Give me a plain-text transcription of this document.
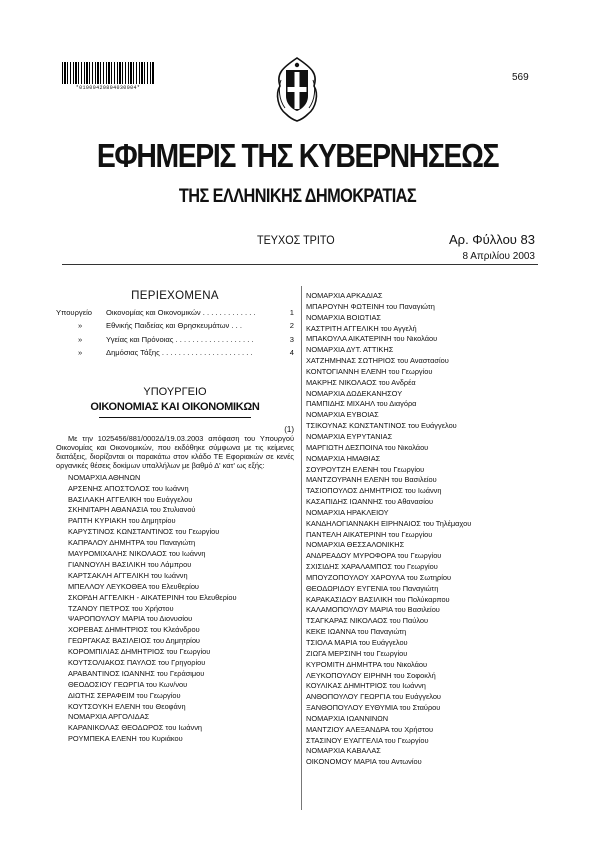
*01000420804030004*
569
ΕΦΗΜΕΡΙΣ ΤΗΣ ΚΥΒΕΡΝΗΣΕΩΣ
ΤΗΣ ΕΛΛΗΝΙΚΗΣ ΔΗΜΟΚΡΑΤΙΑΣ
ΤΕΥΧΟΣ ΤΡΙΤΟ	Αρ. Φύλλου 83
8 Απριλίου 2003
ΠΕΡΙΕΧΟΜΕΝΑ
Υπουργείο	Οικονομίας και Οικονομικών . . . . . . . . . . . . .	1
»	Εθνικής Παιδείας και Θρησκευμάτων . . .	2
»	Υγείας και Πρόνοιας . . . . . . . . . . . . . . . . . . .	3
»	Δημόσιας Τάξης . . . . . . . . . . . . . . . . . . . . . .	4
ΥΠΟΥΡΓΕΙΟ
ΟΙΚΟΝΟΜΙΑΣ ΚΑΙ ΟΙΚΟΝΟΜΙΚΩΝ
(1)

Με την 1025456/881/0002Δ/19.03.2003 απόφαση του Υπουργού Οικονομίας και Οικονομικών, που εκδόθηκε σύμφωνα με τις κείμενες διατάξεις, διορίζονται οι παρακάτω στον κλάδο ΤΕ Εφοριακών σε κενές οργανικές θέσεις δοκίμων υπαλλήλων με βαθμό Δ' κατ' ως εξής:

ΝΟΜΑΡΧΙΑ ΑΘΗΝΩΝ
ΑΡΣΕΝΗΣ ΑΠΟΣΤΟΛΟΣ του Ιωάννη
ΒΑΣΙΛΑΚΗ ΑΓΓΕΛΙΚΗ του Ευάγγελου
ΣΚΗΝΙΤΑΡΗ ΑΘΑΝΑΣΙΑ του Στυλιανού
ΡΑΠΤΗ ΚΥΡΙΑΚΗ του Δημητρίου
ΚΑΡΥΣΤΙΝΟΣ ΚΩΝΣΤΑΝΤΙΝΟΣ του Γεωργίου
ΚΑΠΡΑΛΟΥ ΔΗΜΗΤΡΑ του Παναγιώτη
ΜΑΥΡΟΜΙΧΑΛΗΣ ΝΙΚΟΛΑΟΣ του Ιωάννη
ΓΙΑΝΝΟΥΛΗ ΒΑΣΙΛΙΚΗ του Λάμπρου
ΚΑΡΤΣΑΚΛΗ ΑΓΓΕΛΙΚΗ του Ιωάννη
ΜΠΕΛΛΟΥ ΛΕΥΚΟΘΕΑ του Ελευθερίου
ΣΚΟΡΔΗ ΑΓΓΕΛΙΚΗ - ΑΙΚΑΤΕΡΙΝΗ του Ελευθερίου
ΤΖΑΝΟΥ ΠΕΤΡΟΣ του Χρήστου
ΨΑΡΟΠΟΥΛΟΥ ΜΑΡΙΑ του Διονυσίου
ΧΟΡΕΒΑΣ ΔΗΜΗΤΡΙΟΣ του Κλεάνδρου
ΓΕΩΡΓΑΚΑΣ ΒΑΣΙΛΕΙΟΣ του Δημητρίου
ΚΟΡΟΜΠΙΛΙΑΣ ΔΗΜΗΤΡΙΟΣ του Γεωργίου
ΚΟΥΤΣΟΛΙΑΚΟΣ ΠΑΥΛΟΣ του Γρηγορίου
ΑΡΑΒΑΝΤΙΝΟΣ ΙΩΑΝΝΗΣ του Γεράσιμου
ΘΕΟΔΟΣΙΟΥ ΓΕΩΡΓΙΑ του Κων/νου
ΔΙΩΤΗΣ ΣΕΡΑΦΕΙΜ του Γεωργίου
ΚΟΥΤΣΟΥΚΗ ΕΛΕΝΗ του Θεοφάνη
ΝΟΜΑΡΧΙΑ ΑΡΓΟΛΙΔΑΣ
ΚΑΡΑΝΙΚΟΛΑΣ ΘΕΟΔΩΡΟΣ του Ιωάννη
ΡΟΥΜΠΕΚΑ ΕΛΕΝΗ του Κυριάκου
ΝΟΜΑΡΧΙΑ ΑΡΚΑΔΙΑΣ
ΜΠΑΡΟΥΝΗ ΦΩΤΕΙΝΗ του Παναγιώτη
ΝΟΜΑΡΧΙΑ ΒΟΙΩΤΙΑΣ
ΚΑΣΤΡΙΤΗ ΑΓΓΕΛΙΚΗ του Αγγελή
ΜΠΑΚΟΥΛΑ ΑΙΚΑΤΕΡΙΝΗ του Νικολάου
ΝΟΜΑΡΧΙΑ ΔΥΤ. ΑΤΤΙΚΗΣ
ΧΑΤΖΗΜΗΝΑΣ ΣΩΤΗΡΙΟΣ του Αναστασίου
ΚΟΝΤΟΓΙΑΝΝΗ ΕΛΕΝΗ του Γεωργίου
ΜΑΚΡΗΣ ΝΙΚΟΛΑΟΣ του Ανδρέα
ΝΟΜΑΡΧΙΑ ΔΩΔΕΚΑΝΗΣΟΥ
ΠΑΜΠΙΔΗΣ ΜΙΧΑΗΛ του Διαγόρα
ΝΟΜΑΡΧΙΑ ΕΥΒΟΙΑΣ
ΤΣΙΚΟΥΝΑΣ ΚΩΝΣΤΑΝΤΙΝΟΣ του Ευάγγελου
ΝΟΜΑΡΧΙΑ ΕΥΡΥΤΑΝΙΑΣ
ΜΑΡΓΙΩΤΗ ΔΕΣΠΟΙΝΑ του Νικολάου
ΝΟΜΑΡΧΙΑ ΗΜΑΘΙΑΣ
ΣΟΥΡΟΥΤΖΗ ΕΛΕΝΗ του Γεωργίου
ΜΑΝΤΖΟΥΡΑΝΗ ΕΛΕΝΗ του Βασιλείου
ΤΑΣΙΟΠΟΥΛΟΣ ΔΗΜΗΤΡΙΟΣ του Ιωάννη
ΚΑΣΑΠΙΔΗΣ ΙΩΑΝΝΗΣ του Αθανασίου
ΝΟΜΑΡΧΙΑ ΗΡΑΚΛΕΙΟΥ
ΚΑΝΔΗΛΟΓΙΑΝΝΑΚΗ ΕΙΡΗΝΑΙΟΣ του Τηλέμαχου
ΠΑΝΤΕΛΗ ΑΙΚΑΤΕΡΙΝΗ του Γεωργίου
ΝΟΜΑΡΧΙΑ ΘΕΣΣΑΛΟΝΙΚΗΣ
ΑΝΔΡΕΑΔΟΥ ΜΥΡΟΦΟΡΑ του Γεωργίου
ΣΧΙΣΙΔΗΣ ΧΑΡΑΛΑΜΠΟΣ του Γεωργίου
ΜΠΟΥΖΟΠΟΥΛΟΥ ΧΑΡΟΥΛΑ του Σωτηρίου
ΘΕΟΔΩΡΙΔΟΥ ΕΥΓΕΝΙΑ του Παναγιώτη
ΚΑΡΑΚΑΣΙΔΟΥ ΒΑΣΙΛΙΚΗ του Πολύκαρπου
ΚΑΛΑΜΟΠΟΥΛΟΥ ΜΑΡΙΑ του Βασιλείου
ΤΣΑΓΚΑΡΑΣ ΝΙΚΟΛΑΟΣ του Παύλου
ΚΕΚΕ ΙΩΑΝΝΑ του Παναγιώτη
ΤΣΙΟΛΑ ΜΑΡΙΑ του Ευάγγελου
ΖΙΩΓΑ ΜΕΡΣΙΝΗ του Γεωργίου
ΚΥΡΟΜΙΤΗ ΔΗΜΗΤΡΑ του Νικολάου
ΛΕΥΚΟΠΟΥΛΟΥ ΕΙΡΗΝΗ του Σοφοκλή
ΚΟΥΛΙΚΑΣ ΔΗΜΗΤΡΙΟΣ του Ιωάννη
ΑΝΘΟΠΟΥΛΟΥ ΓΕΩΡΓΙΑ του Ευάγγελου
ΞΑΝΘΟΠΟΥΛΟΥ ΕΥΘΥΜΙΑ του Σταύρου
ΝΟΜΑΡΧΙΑ ΙΩΑΝΝΙΝΩΝ
ΜΑΝΤΖΙΟΥ ΑΛΕΞΑΝΔΡΑ του Χρήστου
ΣΤΑΣΙΝΟΥ ΕΥΑΓΓΕΛΙΑ του Γεωργίου
ΝΟΜΑΡΧΙΑ ΚΑΒΑΛΑΣ
ΟΙΚΟΝΟΜΟΥ ΜΑΡΙΑ του Αντωνίου
